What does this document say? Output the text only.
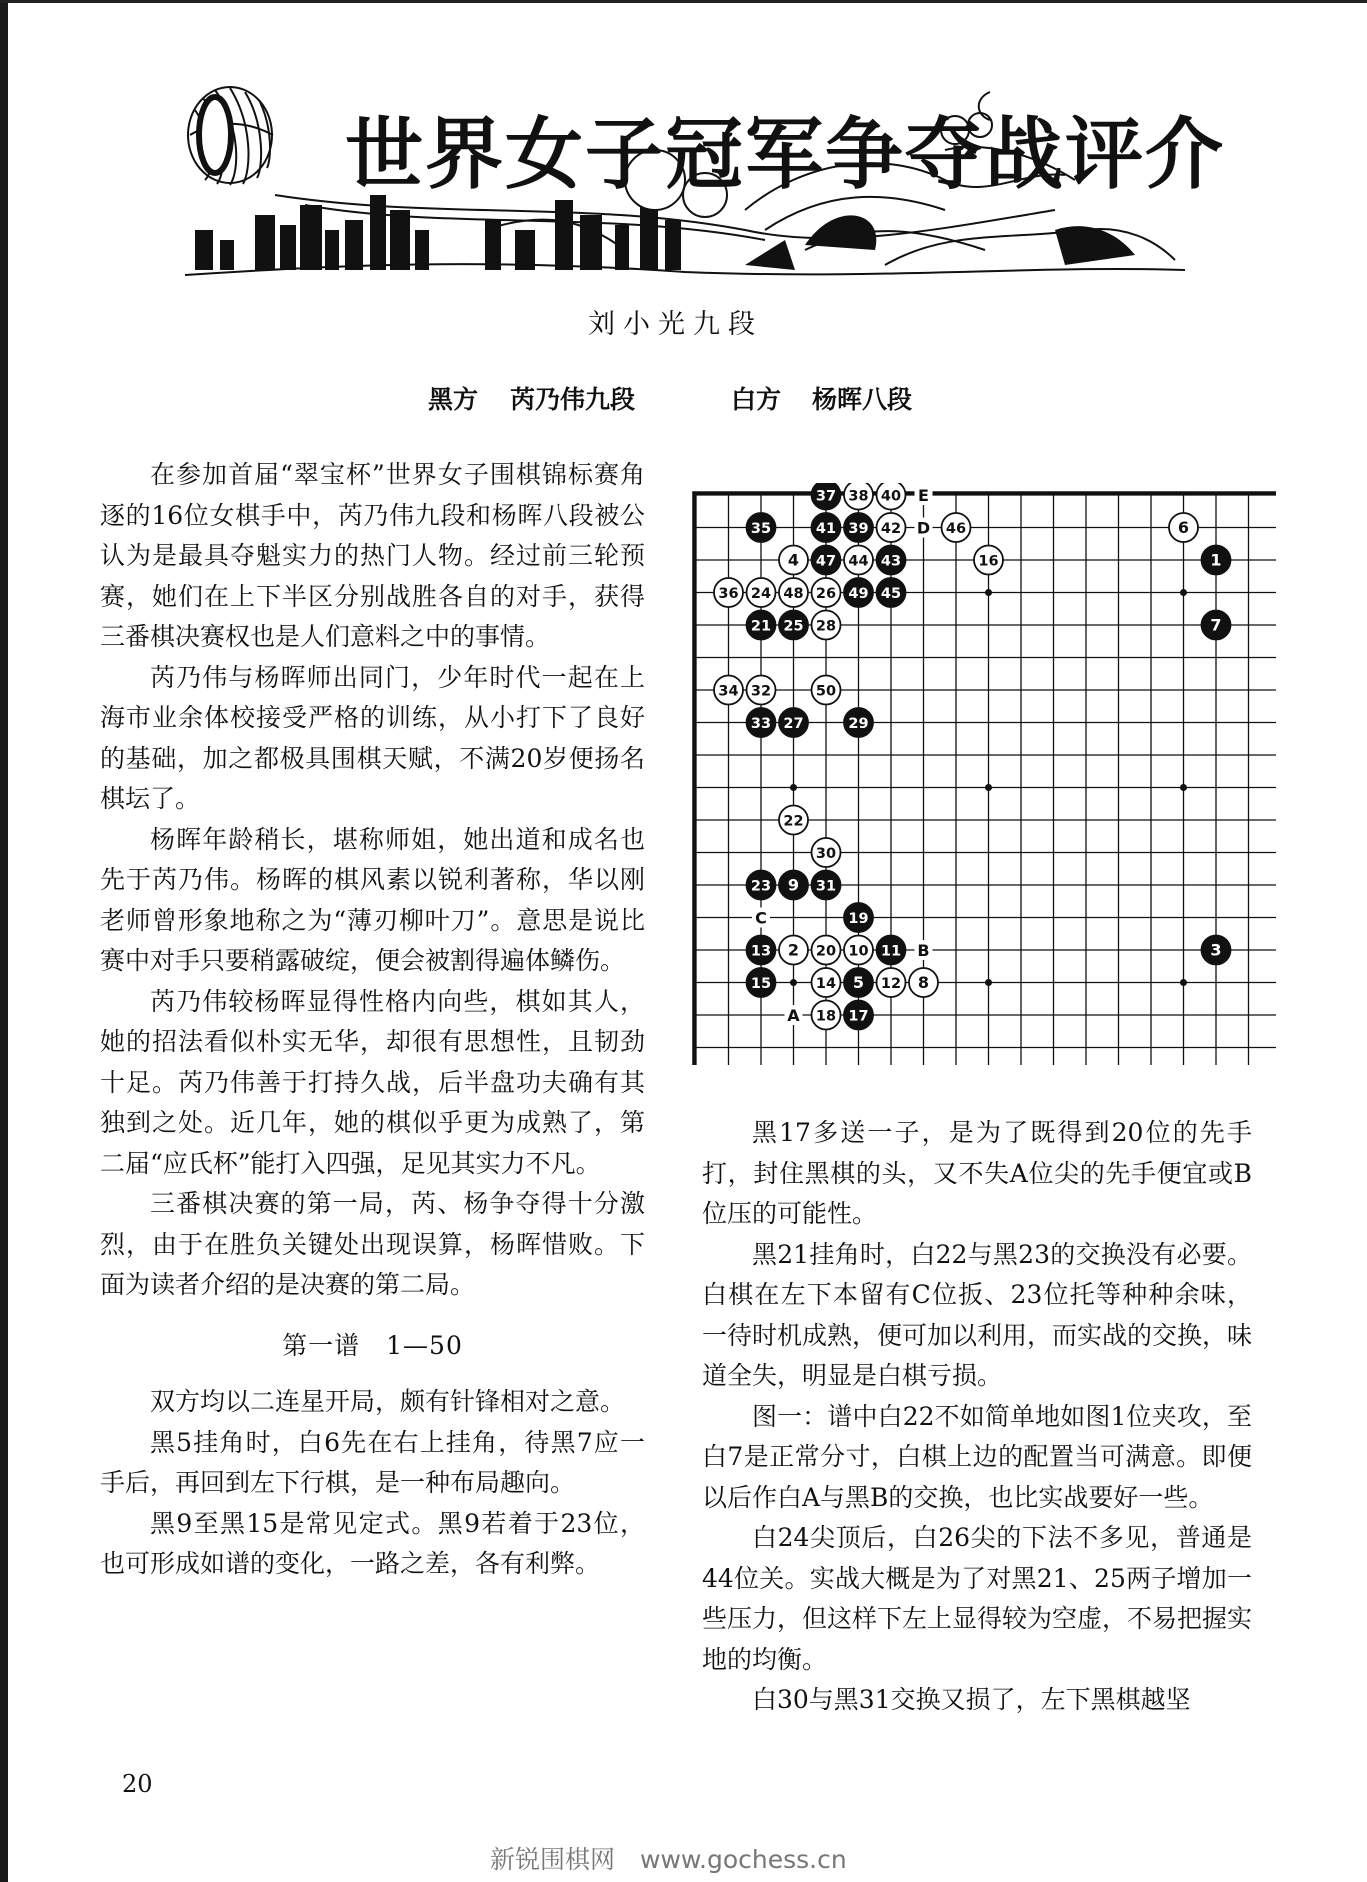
世界女子冠军争夺战评介
刘小光九段
黑方 芮乃伟九段	白方 杨晖八段

在参加首届“翠宝杯”世界女子围棋锦标赛角逐的16位女棋手中，芮乃伟九段和杨晖八段被公认为是最具夺魁实力的热门人物。经过前三轮预赛，她们在上下半区分别战胜各自的对手，获得三番棋决赛权也是人们意料之中的事情。

芮乃伟与杨晖师出同门，少年时代一起在上海市业余体校接受严格的训练，从小打下了良好的基础，加之都极具围棋天赋，不满20岁便扬名棋坛了。

杨晖年龄稍长，堪称师姐，她出道和成名也先于芮乃伟。杨晖的棋风素以锐利著称，华以刚老师曾形象地称之为“薄刃柳叶刀”。意思是说比赛中对手只要稍露破绽，便会被割得遍体鳞伤。

芮乃伟较杨晖显得性格内向些，棋如其人，她的招法看似朴实无华，却很有思想性，且韧劲十足。芮乃伟善于打持久战，后半盘功夫确有其独到之处。近几年，她的棋似乎更为成熟了，第二届“应氏杯”能打入四强，足见其实力不凡。

三番棋决赛的第一局，芮、杨争夺得十分激烈，由于在胜负关键处出现误算，杨晖惜败。下面为读者介绍的是决赛的第二局。

第一谱　1—50

双方均以二连星开局，颇有针锋相对之意。

黑5挂角时，白6先在右上挂角，待黑7应一手后，再回到左下行棋，是一种布局趣向。

黑9至黑15是常见定式。黑9若着于23位，也可形成如谱的变化，一路之差，各有利弊。

37 38 40 E
35	41 39 42 D 46	6
4 47 44 43	16	1
36 24 48 26 49 45
21 25 28	7
34 32	50
33 27	29
22
30
23 9 31
C	19
13 2 20 10 11 B	3
15	14 5 12 8
A 18 17

黑17多送一子，是为了既得到20位的先手打，封住黑棋的头，又不失A位尖的先手便宜或B位压的可能性。

黑21挂角时，白22与黑23的交换没有必要。白棋在左下本留有C位扳、23位托等种种余味，一待时机成熟，便可加以利用，而实战的交换，味道全失，明显是白棋亏损。

图一：谱中白22不如简单地如图1位夹攻，至白7是正常分寸，白棋上边的配置当可满意。即便以后作白A与黑B的交换，也比实战要好一些。

白24尖顶后，白26尖的下法不多见，普通是44位关。实战大概是为了对黑21、25两子增加一些压力，但这样下左上显得较为空虚，不易把握实地的均衡。

白30与黑31交换又损了，左下黑棋越坚

20
新锐围棋网　www.gochess.cn
